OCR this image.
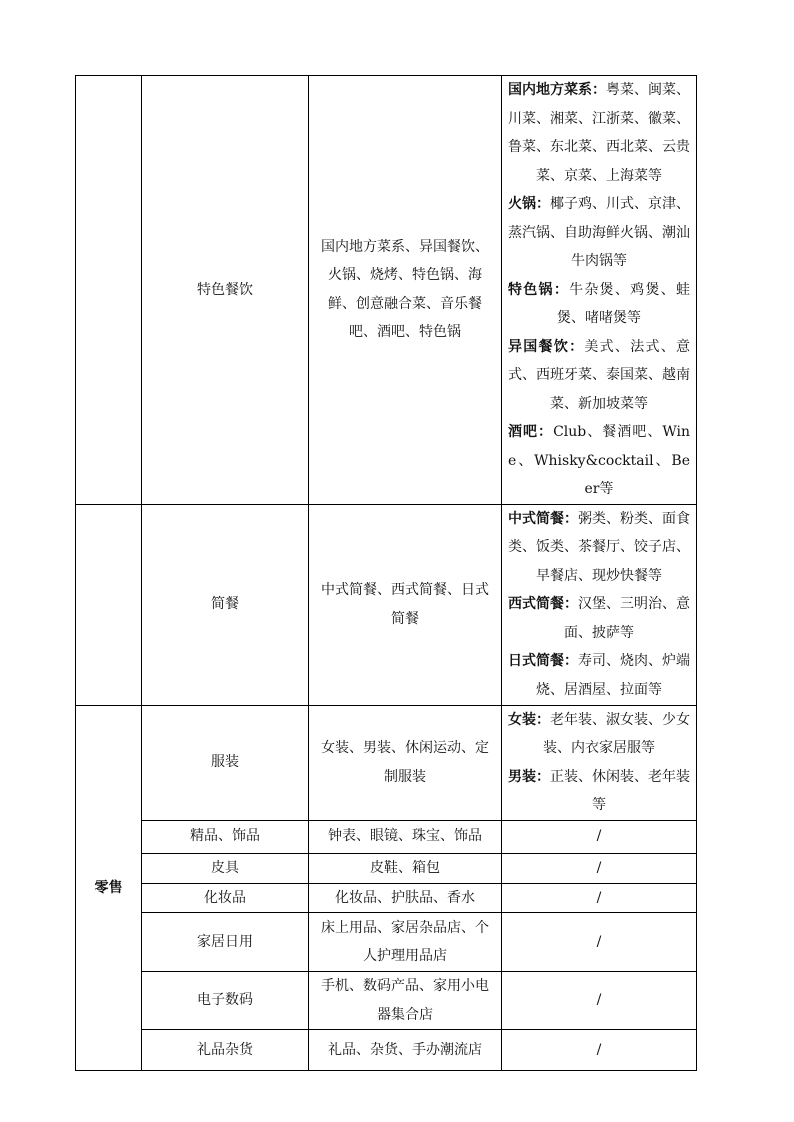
	特色餐饮	国内地方菜系、异国餐饮、火锅、烧烤、特色锅、海鲜、创意融合菜、音乐餐吧、酒吧、特色锅	国内地方菜系：粤菜、闽菜、川菜、湘菜、江浙菜、徽菜、鲁菜、东北菜、西北菜、云贵菜、京菜、上海菜等
火锅：椰子鸡、川式、京津、蒸汽锅、自助海鲜火锅、潮汕牛肉锅等
特色锅：牛杂煲、鸡煲、蛙煲、啫啫煲等
异国餐饮：美式、法式、意式、西班牙菜、泰国菜、越南菜、新加坡菜等
酒吧：Club、餐酒吧、Wine、Whisky&cocktail、Beer等

	简餐	中式简餐、西式简餐、日式简餐	中式简餐：粥类、粉类、面食类、饭类、茶餐厅、饺子店、早餐店、现炒快餐等
西式简餐：汉堡、三明治、意面、披萨等
日式简餐：寿司、烧肉、炉端烧、居酒屋、拉面等

零售	服装	女装、男装、休闲运动、定制服装	女装：老年装、淑女装、少女装、内衣家居服等
男装：正装、休闲装、老年装等

	精品、饰品	钟表、眼镜、珠宝、饰品	/
	皮具	皮鞋、箱包	/
	化妆品	化妆品、护肤品、香水	/
	家居日用	床上用品、家居杂品店、个人护理用品店	/
	电子数码	手机、数码产品、家用小电器集合店	/
	礼品杂货	礼品、杂货、手办潮流店	/
